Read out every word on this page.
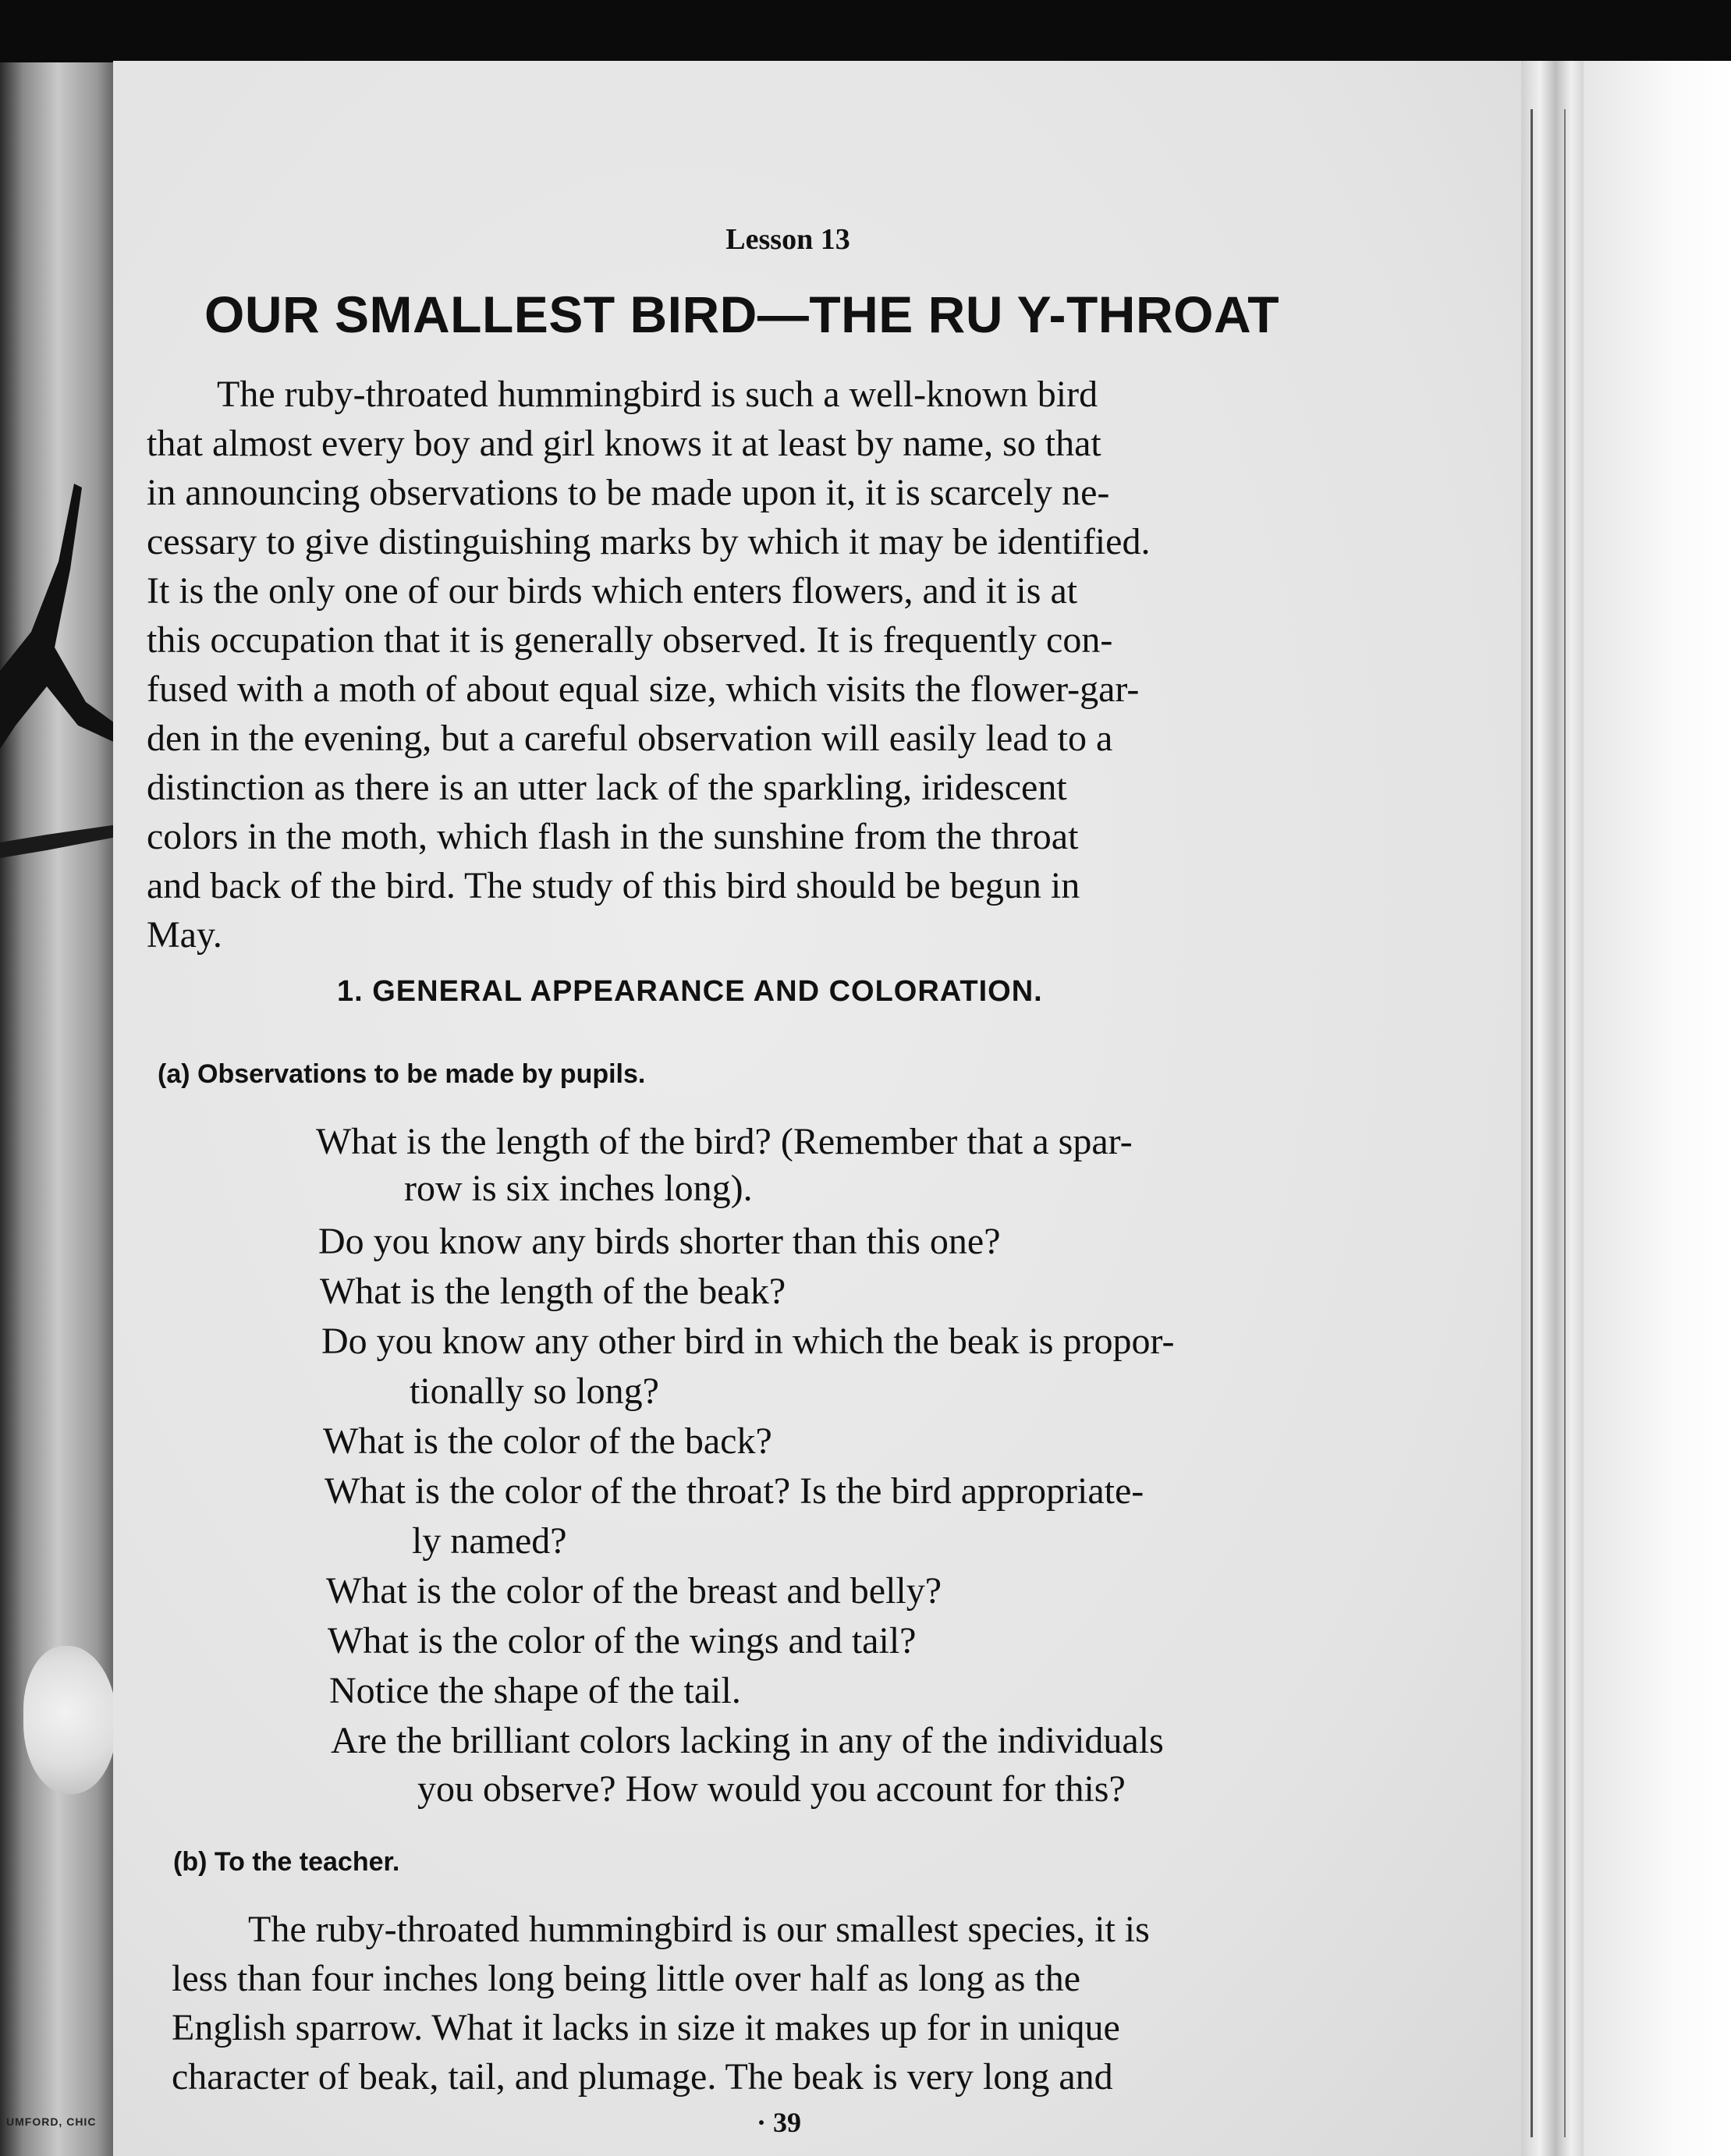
UMFORD, CHIC
Lesson 13
OUR SMALLEST BIRD—THE RU Y-THROAT
The ruby-throated hummingbird is such a well-known bird
that almost every boy and girl knows it at least by name, so that
in announcing observations to be made upon it, it is scarcely ne-
cessary to give distinguishing marks by which it may be identified.
It is the only one of our birds which enters flowers, and it is at
this occupation that it is generally observed. It is frequently con-
fused with a moth of about equal size, which visits the flower-gar-
den in the evening, but a careful observation will easily lead to a
distinction as there is an utter lack of the sparkling, iridescent
colors in the moth, which flash in the sunshine from the throat
and back of the bird. The study of this bird should be begun in
May.
1. GENERAL APPEARANCE AND COLORATION.
(a) Observations to be made by pupils.
What is the length of the bird? (Remember that a spar-
row is six inches long).
Do you know any birds shorter than this one?
What is the length of the beak?
Do you know any other bird in which the beak is propor-
tionally so long?
What is the color of the back?
What is the color of the throat? Is the bird appropriate-
ly named?
What is the color of the breast and belly?
What is the color of the wings and tail?
Notice the shape of the tail.
Are the brilliant colors lacking in any of the individuals
you observe? How would you account for this?
(b) To the teacher.
The ruby-throated hummingbird is our smallest species, it is
less than four inches long being little over half as long as the
English sparrow. What it lacks in size it makes up for in unique
character of beak, tail, and plumage. The beak is very long and
· 39
